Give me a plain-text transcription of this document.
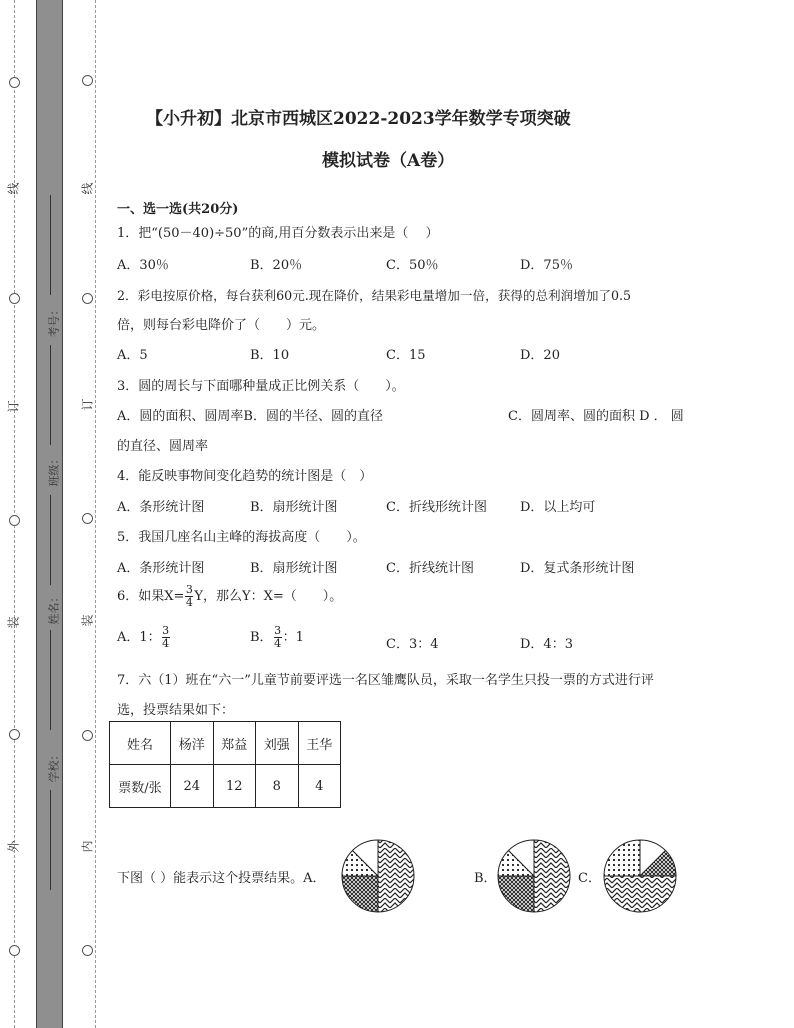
线
订
装
外
线
订
装
内
考号：
班级：
姓名：
学校：
【小升初】北京市西城区2022-2023学年数学专项突破
模拟试卷（A卷）
一、选一选(共20分)
1．把“(50－40)÷50”的商,用百分数表示出来是（　 ）
A．30％	B．20％	C．50％	D．75％
2．彩电按原价格，每台获利60元.现在降价，结果彩电量增加一倍，获得的总利润增加了0.5
倍，则每台彩电降价了（　　）元。
A．5	B．10	C．15	D．20
3．圆的周长与下面哪种量成正比例关系（　　）。
A．圆的面积、圆周率B．圆的半径、圆的直径	C．圆周率、圆的面积 D ． 圆
的直径、圆周率
4．能反映事物间变化趋势的统计图是（　）
A．条形统计图	B．扇形统计图	C．折线形统计图	D．以上均可
5．我国几座名山主峰的海拔高度（　　）。
A．条形统计图	B．扇形统计图	C．折线统计图	D．复式条形统计图
6．如果$X= \frac{3}{4}$ Y，那么Y：X=（　　）。
A．1： $\frac{3}{4}$	B． $\frac{3}{4}$ ：1	C．3：4	D．4：3
7．六（1）班在“六一”儿童节前要评选一名区雏鹰队员，采取一名学生只投一票的方式进行评
选，投票结果如下：
姓名	杨洋	郑益	刘强	王华
票数/张	24	12	8	4
下图（ ）能表示这个投票结果。A．	B．	C．
